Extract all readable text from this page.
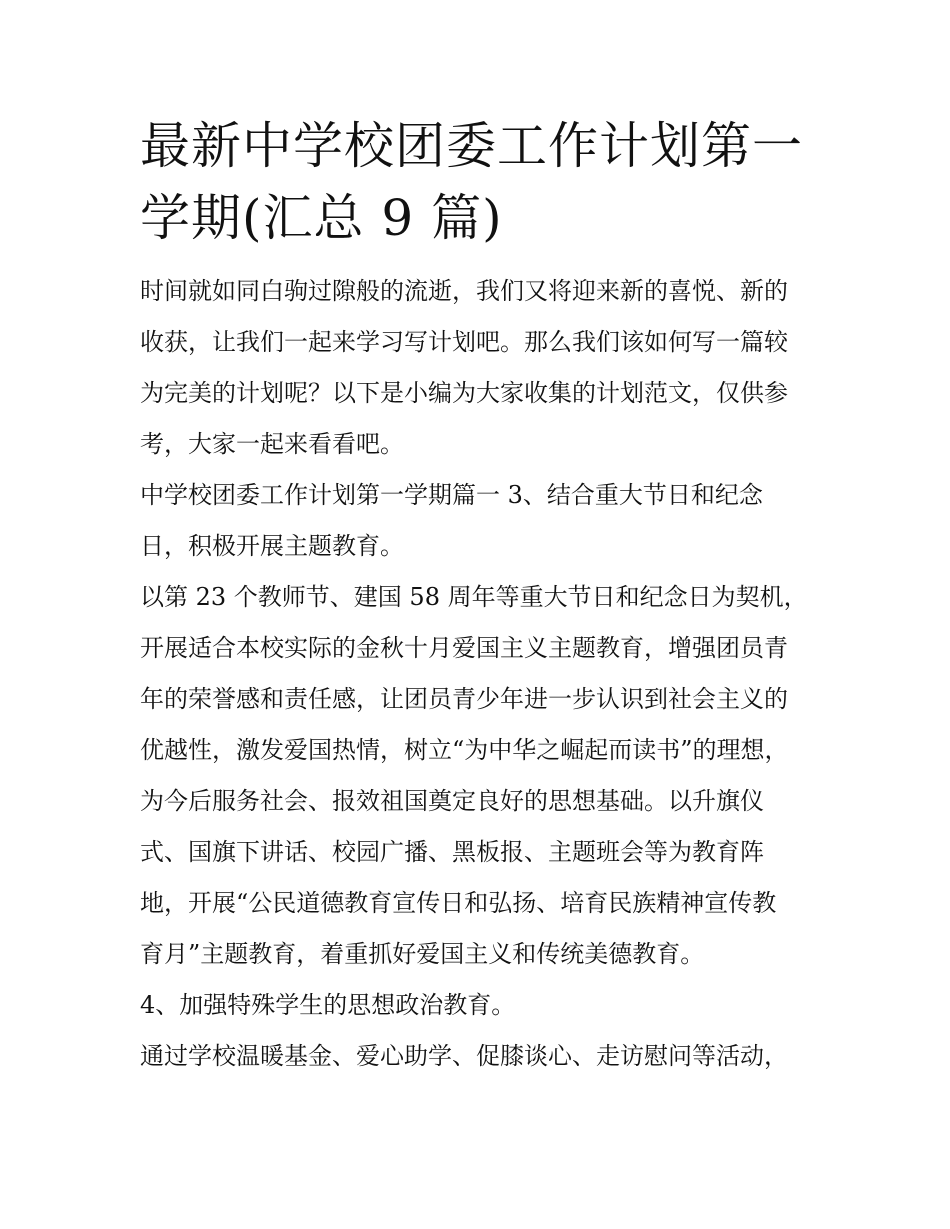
最新中学校团委工作计划第一
学期(汇总 9 篇)

时间就如同白驹过隙般的流逝，我们又将迎来新的喜悦、新的
收获，让我们一起来学习写计划吧。那么我们该如何写一篇较
为完美的计划呢？以下是小编为大家收集的计划范文，仅供参
考，大家一起来看看吧。

中学校团委工作计划第一学期篇一 3、结合重大节日和纪念
日，积极开展主题教育。

以第 23 个教师节、建国 58 周年等重大节日和纪念日为契机，
开展适合本校实际的金秋十月爱国主义主题教育，增强团员青
年的荣誉感和责任感，让团员青少年进一步认识到社会主义的
优越性，激发爱国热情，树立“为中华之崛起而读书”的理想，
为今后服务社会、报效祖国奠定良好的思想基础。以升旗仪
式、国旗下讲话、校园广播、黑板报、主题班会等为教育阵
地，开展“公民道德教育宣传日和弘扬、培育民族精神宣传教
育月”主题教育，着重抓好爱国主义和传统美德教育。

4、加强特殊学生的思想政治教育。

通过学校温暖基金、爱心助学、促膝谈心、走访慰问等活动，
